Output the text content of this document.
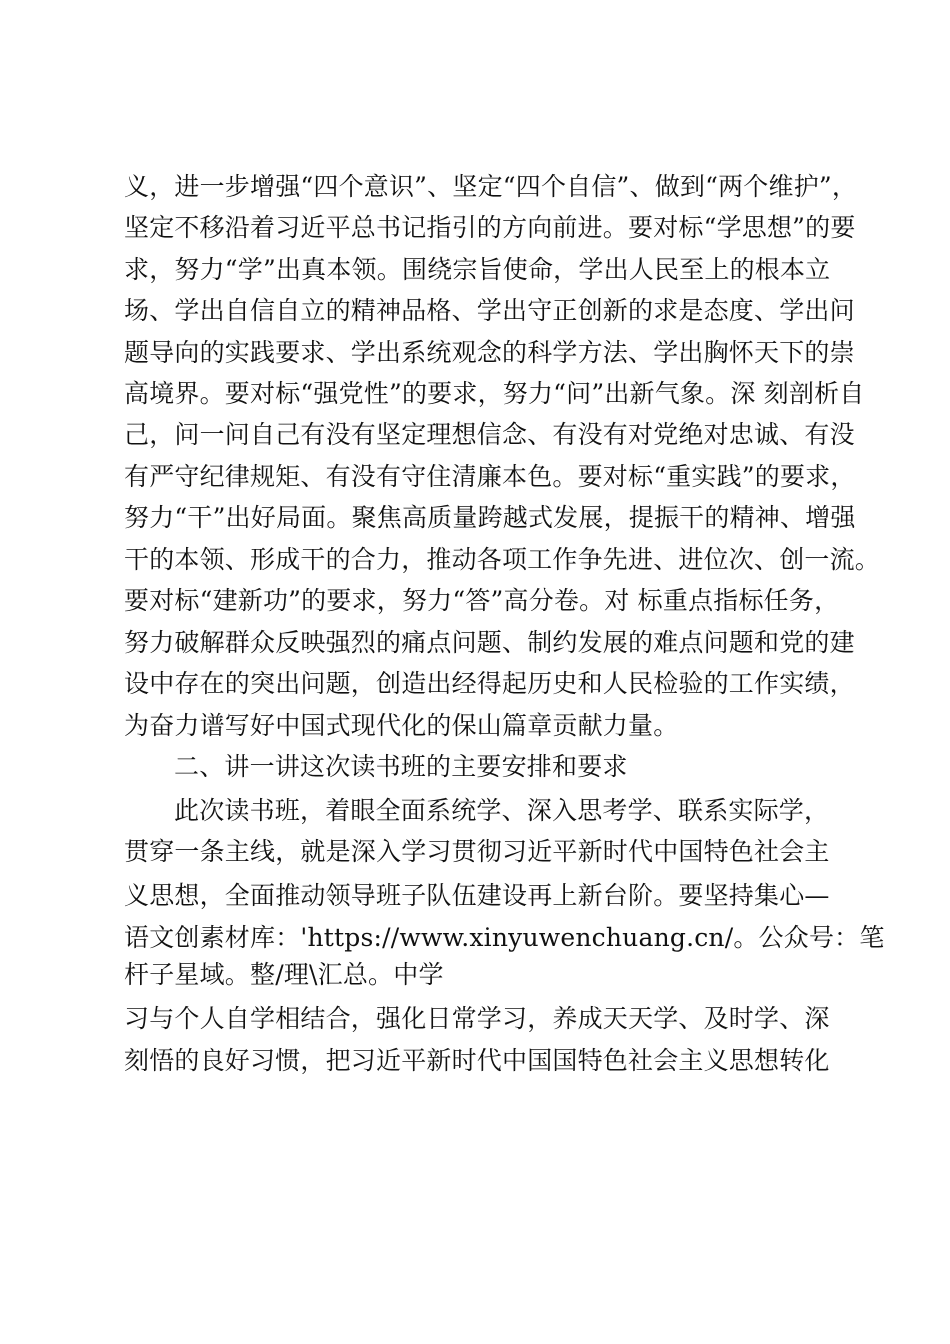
义，进一步增强“四个意识”、坚定“四个自信”、做到“两个维护”，
坚定不移沿着习近平总书记指引的方向前进。要对标“学思想”的要
求，努力“学”出真本领。围绕宗旨使命，学出人民至上的根本立
场、学出自信自立的精神品格、学出守正创新的求是态度、学出问
题导向的实践要求、学出系统观念的科学方法、学出胸怀天下的崇
高境界。要对标“强党性”的要求，努力“问”出新气象。深 刻剖析自
己，问一问自己有没有坚定理想信念、有没有对党绝对忠诚、有没
有严守纪律规矩、有没有守住清廉本色。要对标“重实践”的要求，
努力“干”出好局面。聚焦高质量跨越式发展，提振干的精神、增强
干的本领、形成干的合力，推动各项工作争先进、进位次、创一流。
要对标“建新功”的要求，努力“答”高分卷。对 标重点指标任务，
努力破解群众反映强烈的痛点问题、制约发展的难点问题和党的建
设中存在的突出问题，创造出经得起历史和人民检验的工作实绩，
为奋力谱写好中国式现代化的保山篇章贡献力量。
二、讲一讲这次读书班的主要安排和要求
此次读书班，着眼全面系统学、深入思考学、联系实际学，
贯穿一条主线，就是深入学习贯彻习近平新时代中国特色社会主
义思想，全面推动领导班子队伍建设再上新台阶。要坚持集心—
语文创素材库：'https://www.xinyuwenchuang.cn/。公众号：笔
杆子星域。整/理\汇总。中学
习与个人自学相结合，强化日常学习，养成天天学、及时学、深
刻悟的良好习惯，把习近平新时代中国国特色社会主义思想转化
